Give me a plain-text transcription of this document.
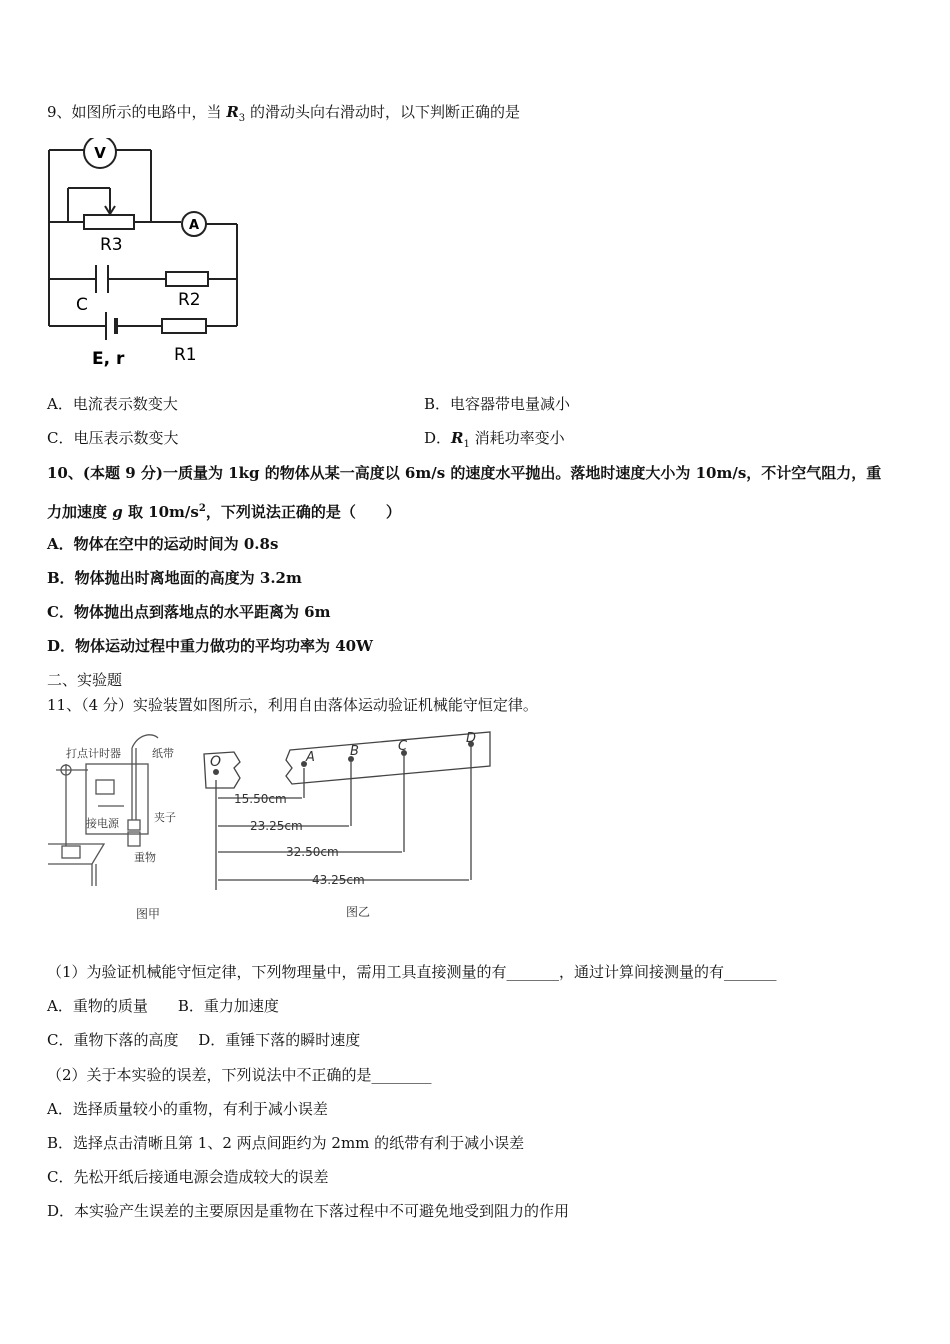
9、如图所示的电路中，当 $R_3$ 的滑动头向右滑动时，以下判断正确的是
V
A
R3
C	R2
E, r	R1
A．电流表示数变大	B．电容器带电量减小
C．电压表示数变大	D．$R_1$ 消耗功率变小
10、(本题 9 分)一质量为 1kg 的物体从某一高度以 6m/s 的速度水平抛出。落地时速度大小为 10m/s，不计空气阻力，重
力加速度 g 取 $10m/s^2$，下列说法正确的是（　　）
A．物体在空中的运动时间为 0.8s
B．物体抛出时离地面的高度为 3.2m
C．物体抛出点到落地点的水平距离为 6m
D．物体运动过程中重力做功的平均功率为 40W
二、实验题
11、（4 分）实验装置如图所示，利用自由落体运动验证机械能守恒定律。
打点计时器	纸带
接电源	夹子
重物
图甲
O	A	B	C
D
15.50cm
23.25cm
32.50cm
43.25cm
图乙
（1）为验证机械能守恒定律，下列物理量中，需用工具直接测量的有_______，通过计算间接测量的有_______
A．重物的质量　　B．重力加速度
C．重物下落的高度　 D．重锤下落的瞬时速度
（2）关于本实验的误差，下列说法中不正确的是________
A．选择质量较小的重物，有利于减小误差
B．选择点击清晰且第 1、2 两点间距约为 2mm 的纸带有利于减小误差
C．先松开纸后接通电源会造成较大的误差
D．本实验产生误差的主要原因是重物在下落过程中不可避免地受到阻力的作用
